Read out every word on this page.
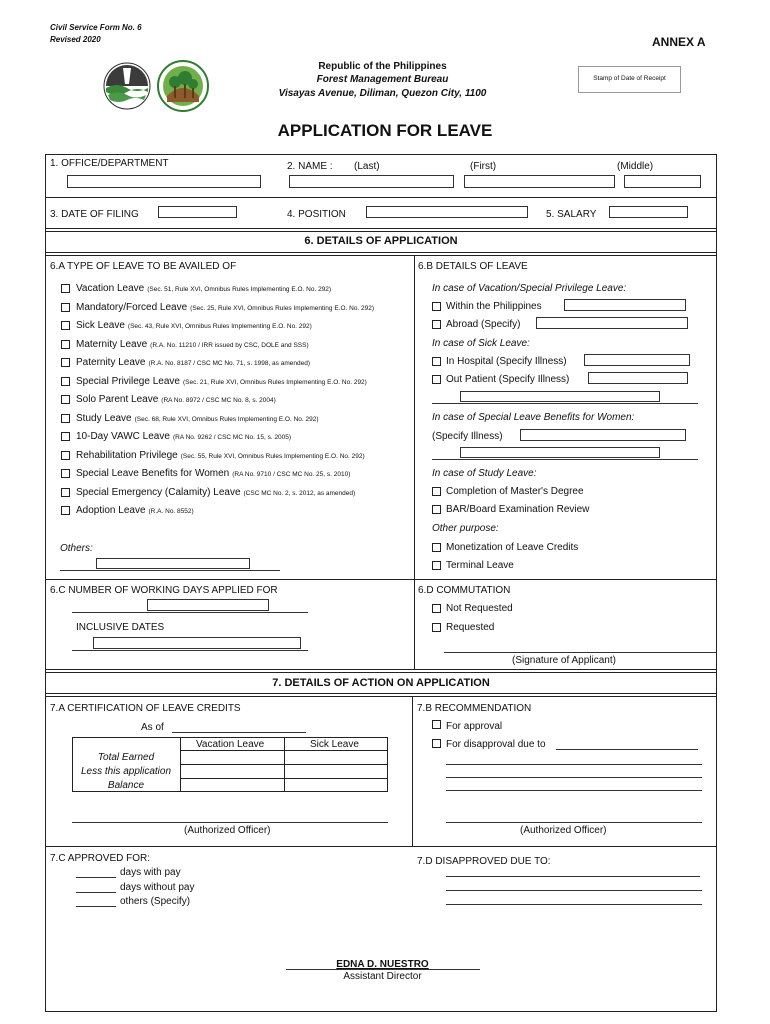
Civil Service Form No. 6
Revised 2020	ANNEX A
Republic of the Philippines
Forest Management Bureau
Visayas Avenue, Diliman, Quezon City, 1100
Stamp of Date of Receipt
APPLICATION FOR LEAVE
1. OFFICE/DEPARTMENT	2. NAME : (Last)	(First)	(Middle)
3. DATE OF FILING	4. POSITION	5. SALARY
6. DETAILS OF APPLICATION
6.A TYPE OF LEAVE TO BE AVAILED OF	6.B DETAILS OF LEAVE
Vacation Leave (Sec. 51, Rule XVI, Omnibus Rules Implementing E.O. No. 292)
Mandatory/Forced Leave (Sec. 25, Rule XVI, Omnibus Rules Implementing E.O. No. 292)
Sick Leave (Sec. 43, Rule XVI, Omnibus Rules Implementing E.O. No. 292)
Maternity Leave (R.A. No. 11210 / IRR issued by CSC, DOLE and SSS)
Paternity Leave (R.A. No. 8187 / CSC MC No. 71, s. 1998, as amended)
Special Privilege Leave (Sec. 21, Rule XVI, Omnibus Rules Implementing E.O. No. 292)
Solo Parent Leave (RA No. 8972 / CSC MC No. 8, s. 2004)
Study Leave (Sec. 68, Rule XVI, Omnibus Rules Implementing E.O. No. 292)
10-Day VAWC Leave (RA No. 9262 / CSC MC No. 15, s. 2005)
Rehabilitation Privilege (Sec. 55, Rule XVI, Omnibus Rules Implementing E.O. No. 292)
Special Leave Benefits for Women (RA No. 9710 / CSC MC No. 25, s. 2010)
Special Emergency (Calamity) Leave (CSC MC No. 2, s. 2012, as amended)
Adoption Leave (R.A. No. 8552)
Others:
In case of Vacation/Special Privilege Leave:
Within the Philippines
Abroad (Specify)
In case of Sick Leave:
In Hospital (Specify Illness)
Out Patient (Specify Illness)
In case of Special Leave Benefits for Women:
(Specify Illness)
In case of Study Leave:
Completion of Master's Degree
BAR/Board Examination Review
Other purpose:
Monetization of Leave Credits
Terminal Leave
6.C NUMBER OF WORKING DAYS APPLIED FOR
INCLUSIVE DATES
6.D COMMUTATION
Not Requested
Requested
(Signature of Applicant)
7. DETAILS OF ACTION ON APPLICATION
7.A CERTIFICATION OF LEAVE CREDITS
As of
Vacation Leave	Sick Leave
Total Earned
Less this application
Balance
(Authorized Officer)
7.B RECOMMENDATION
For approval
For disapproval due to
(Authorized Officer)
7.C APPROVED FOR:
days with pay
days without pay
others (Specify)
7.D DISAPPROVED DUE TO:
EDNA D. NUESTRO
Assistant Director
